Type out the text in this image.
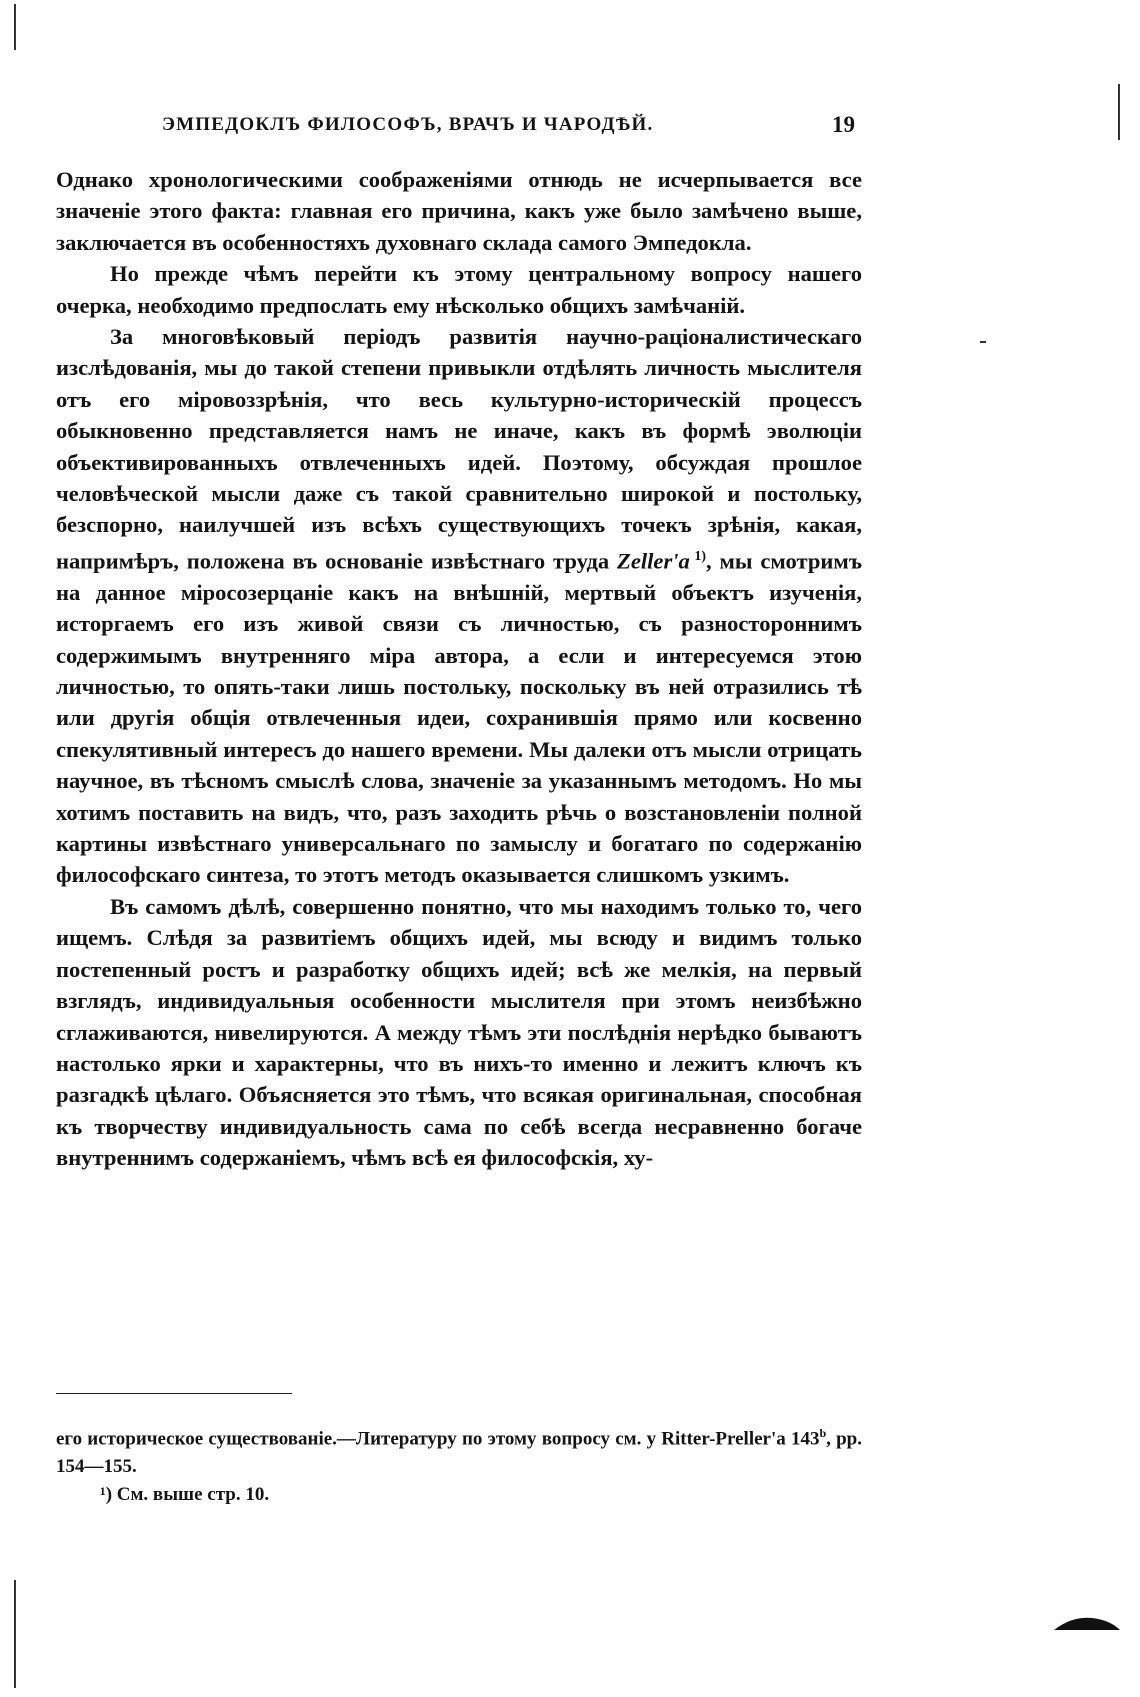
ЭМПЕДОКЛЪ ФИЛОСОФЪ, ВРАЧЪ И ЧАРОДѢЙ.	19

Однако хронологическими соображеніями отнюдь не исчерпывается все значеніе этого факта: главная его причина, какъ уже было замѣчено выше, заключается въ особенностяхъ духовнаго склада самого Эмпедокла.

Но прежде чѣмъ перейти къ этому центральному вопросу нашего очерка, необходимо предпослать ему нѣсколько общихъ замѣчаній.

За многовѣковый періодъ развитія научно-раціоналистическаго изслѣдованія, мы до такой степени привыкли отдѣлять личность мыслителя отъ его міровоззрѣнія, что весь культурно-историческій процессъ обыкновенно представляется намъ не иначе, какъ въ формѣ эволюціи объективированныхъ отвлеченныхъ идей. Поэтому, обсуждая прошлое человѣческой мысли даже съ такой сравнительно широкой и постольку, безспорно, наилучшей изъ всѣхъ существующихъ точекъ зрѣнія, какая, напримѣръ, положена въ основаніе извѣстнаго труда Zeller'a  $^{1)}$, мы смотримъ на данное міросозерцаніе какъ на внѣшній, мертвый объектъ изученія, исторгаемъ его изъ живой связи съ личностью, съ разностороннимъ содержимымъ внутренняго міра автора, а если и интересуемся этою личностью, то опять-таки лишь постольку, поскольку въ ней отразились тѣ или другія общія отвлеченныя идеи, сохранившія прямо или косвенно спекулятивный интересъ до нашего времени. Мы далеки отъ мысли отрицать научное, въ тѣсномъ смыслѣ слова, значеніе за указаннымъ методомъ. Но мы хотимъ поставить на видъ, что, разъ заходить рѣчь о возстановленіи полной картины извѣстнаго универсальнаго по замыслу и богатаго по содержанію философскаго синтеза, то этотъ методъ оказывается слишкомъ узкимъ.

Въ самомъ дѣлѣ, совершенно понятно, что мы находимъ только то, чего ищемъ. Слѣдя за развитіемъ общихъ идей, мы всюду и видимъ только постепенный ростъ и разработку общихъ идей; всѣ же мелкія, на первый взглядъ, индивидуальныя особенности мыслителя при этомъ неизбѣжно сглаживаются, нивелируются. А между тѣмъ эти послѣднія нерѣдко бываютъ настолько ярки и характерны, что въ нихъ-то именно и лежитъ ключъ къ разгадкѣ цѣлаго. Объясняется это тѣмъ, что всякая оригинальная, способная къ творчеству индивидуальность сама по себѣ всегда несравненно богаче внутреннимъ содержаніемъ, чѣмъ всѣ ея философскія, ху-

его историческое существованіе.—Литературу по этому вопросу см. у Ritter-Preller'a 143$^b$, pp. 154—155.

¹) См. выше стр. 10.
